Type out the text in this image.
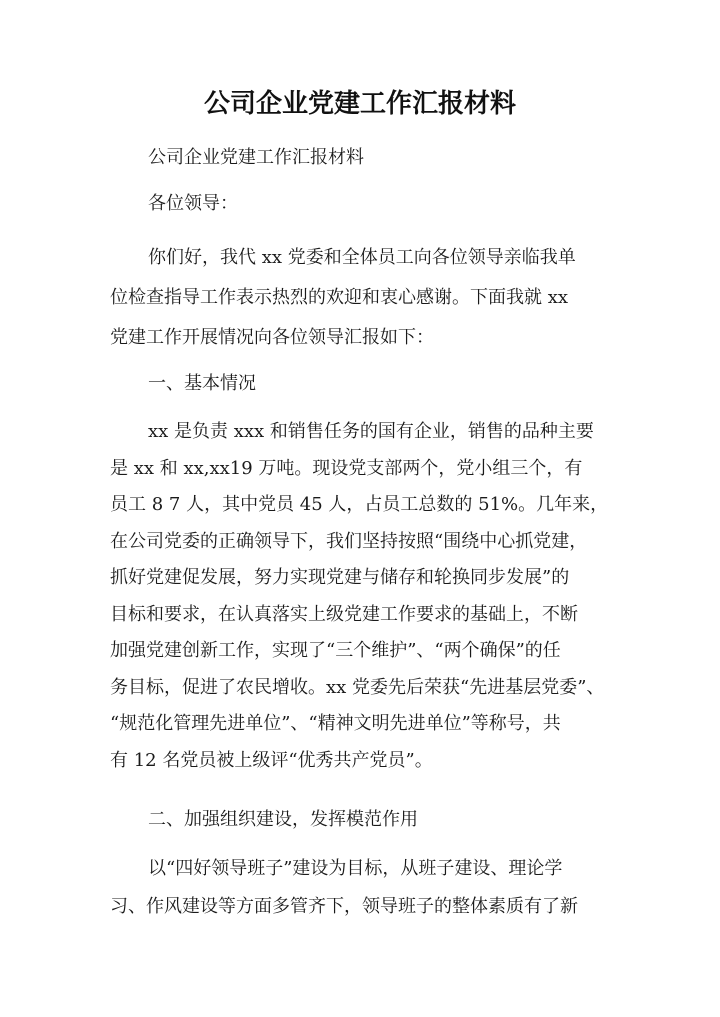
公司企业党建工作汇报材料
公司企业党建工作汇报材料
各位领导：
你们好，我代 xx 党委和全体员工向各位领导亲临我单
位检查指导工作表示热烈的欢迎和衷心感谢。下面我就 xx
党建工作开展情况向各位领导汇报如下：
一、基本情况
xx 是负责 xxx 和销售任务的国有企业，销售的品种主要
是 xx 和 xx,xx19 万吨。现设党支部两个，党小组三个，有
员工 8 7 人，其中党员 45 人，占员工总数的 51%。几年来，
在公司党委的正确领导下，我们坚持按照“围绕中心抓党建，
抓好党建促发展，努力实现党建与储存和轮换同步发展”的
目标和要求，在认真落实上级党建工作要求的基础上，不断
加强党建创新工作，实现了“三个维护”、“两个确保”的任
务目标，促进了农民增收。xx 党委先后荣获“先进基层党委”、
“规范化管理先进单位”、“精神文明先进单位”等称号，共
有 12 名党员被上级评“优秀共产党员”。
二、加强组织建设，发挥模范作用
以“四好领导班子”建设为目标，从班子建设、理论学
习、作风建设等方面多管齐下，领导班子的整体素质有了新
